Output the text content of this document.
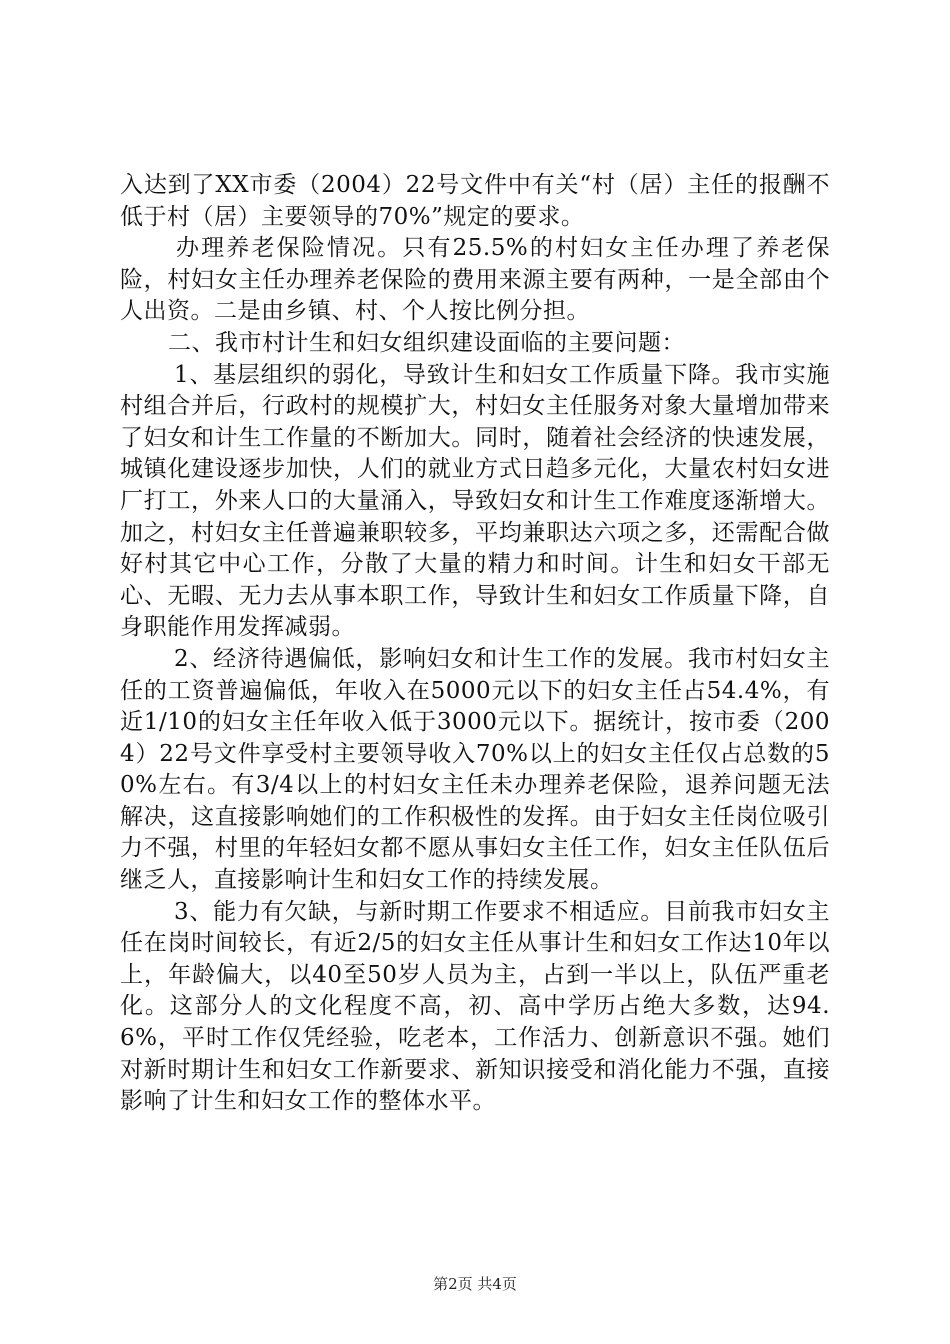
入达到了XX市委（2004）22号文件中有关“村（居）主任的报酬不低于村（居）主要领导的70%”规定的要求。

办理养老保险情况。只有25.5%的村妇女主任办理了养老保险，村妇女主任办理养老保险的费用来源主要有两种，一是全部由个人出资。二是由乡镇、村、个人按比例分担。

二、我市村计生和妇女组织建设面临的主要问题：

1、基层组织的弱化，导致计生和妇女工作质量下降。我市实施村组合并后，行政村的规模扩大，村妇女主任服务对象大量增加带来了妇女和计生工作量的不断加大。同时，随着社会经济的快速发展，城镇化建设逐步加快，人们的就业方式日趋多元化，大量农村妇女进厂打工，外来人口的大量涌入，导致妇女和计生工作难度逐渐增大。加之，村妇女主任普遍兼职较多，平均兼职达六项之多，还需配合做好村其它中心工作，分散了大量的精力和时间。计生和妇女干部无心、无暇、无力去从事本职工作，导致计生和妇女工作质量下降，自身职能作用发挥减弱。

2、经济待遇偏低，影响妇女和计生工作的发展。我市村妇女主任的工资普遍偏低，年收入在5000元以下的妇女主任占54.4%，有近1/10的妇女主任年收入低于3000元以下。据统计，按市委（2004）22号文件享受村主要领导收入70%以上的妇女主任仅占总数的50%左右。有3/4以上的村妇女主任未办理养老保险，退养问题无法解决，这直接影响她们的工作积极性的发挥。由于妇女主任岗位吸引力不强，村里的年轻妇女都不愿从事妇女主任工作，妇女主任队伍后继乏人，直接影响计生和妇女工作的持续发展。

3、能力有欠缺，与新时期工作要求不相适应。目前我市妇女主任在岗时间较长，有近2/5的妇女主任从事计生和妇女工作达10年以上，年龄偏大，以40至50岁人员为主，占到一半以上，队伍严重老化。这部分人的文化程度不高，初、高中学历占绝大多数，达94.6%，平时工作仅凭经验，吃老本，工作活力、创新意识不强。她们对新时期计生和妇女工作新要求、新知识接受和消化能力不强，直接影响了计生和妇女工作的整体水平。

第2页 共4页
